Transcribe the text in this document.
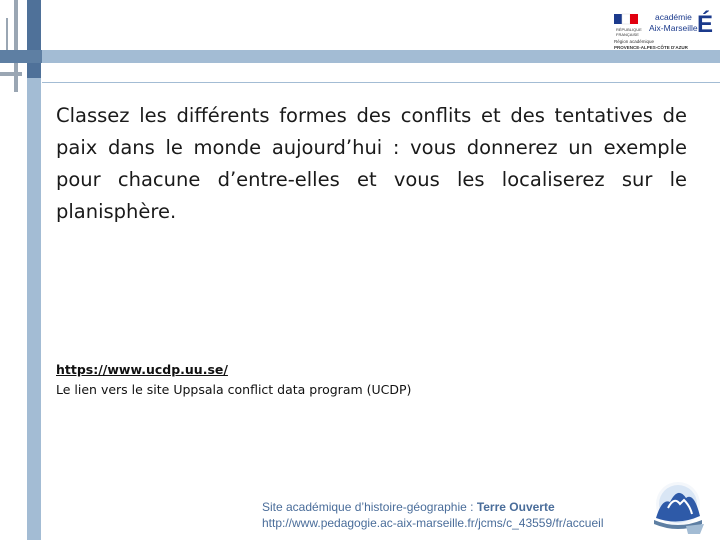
RÉPUBLIQUE
FRANÇAISE É
académie
Aix-Marseille
Région académique
PROVENCE-ALPES-CÔTE D'AZUR

Classez les différents formes des conflits et des tentatives de paix dans le monde aujourd’hui : vous donnerez un exemple pour chacune d’entre-elles et vous les localiserez sur le planisphère.

https://www.ucdp.uu.se/
Le lien vers le site Uppsala conflict data program (UCDP)
Site académique d’histoire-géographie : Terre Ouverte
http://www.pedagogie.ac-aix-marseille.fr/jcms/c_43559/fr/accueil
